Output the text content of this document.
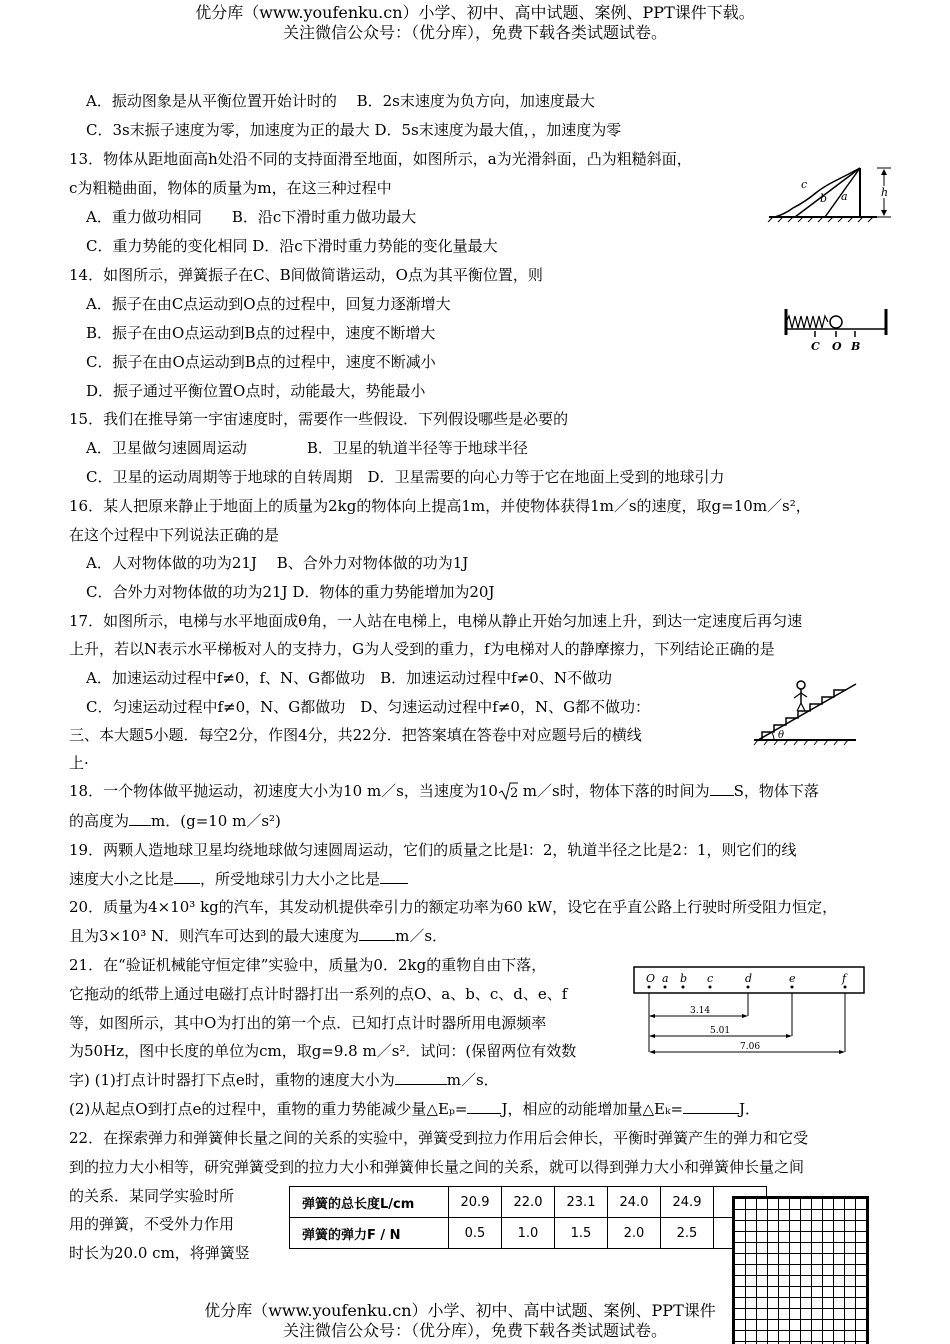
优分库（www.youfenku.cn）小学、初中、高中试题、案例、PPT课件下载。
关注微信公众号：（优分库），免费下载各类试题试卷。
A．振动图象是从平衡位置开始计时的　 B．2s末速度为负方向，加速度最大
C．3s末振子速度为零，加速度为正的最大 D．5s末速度为最大值，，加速度为零
13．物体从距地面高h处沿不同的支持面滑至地面，如图所示，a为光滑斜面，凸为粗糙斜面，
c为粗糙曲面，物体的质量为m，在这三种过程中
A．重力做功相同　　B．沿c下滑时重力做功最大
C．重力势能的变化相同 D．沿c下滑时重力势能的变化量最大
c
b a	h
14．如图所示，弹簧振子在C、B间做简谐运动，O点为其平衡位置，则
A．振子在由C点运动到O点的过程中，回复力逐渐增大
B．振子在由O点运动到B点的过程中，速度不断增大
C．振子在由O点运动到B点的过程中，速度不断减小
D．振子通过平衡位置O点时，动能最大，势能最小
C O B
15．我们在推导第一宇宙速度时，需要作一些假设．下列假设哪些是必要的
A．卫星做匀速圆周运动　　　　B．卫星的轨道半径等于地球半径
C．卫星的运动周期等于地球的自转周期　D．卫星需要的向心力等于它在地面上受到的地球引力
16．某人把原来静止于地面上的质量为2kg的物体向上提高1m，并使物体获得1m／s的速度，取g=10m／s²，
在这个过程中下列说法正确的是
A．人对物体做的功为21J　 B、合外力对物体做的功为1J
C．合外力对物体做的功为21J D．物体的重力势能增加为20J
17．如图所示，电梯与水平地面成θ角，一人站在电梯上，电梯从静止开始匀加速上升，到达一定速度后再匀速
上升，若以N表示水平梯板对人的支持力，G为人受到的重力，f为电梯对人的静摩擦力，下列结论正确的是
A．加速运动过程中f≠0，f、N、G都做功　B．加速运动过程中f≠0、N不做功
C．匀速运动过程中f≠0，N、G都做功　D、匀速运动过程中f≠0，N、G都不做功：
θ
三、本大题5小题．每空2分，作图4分，共22分．把答案填在答卷中对应题号后的横线
上·
18．一个物体做平抛运动，初速度大小为10 m／s，当速度为10 2 m／s时，物体下落的时间为 S，物体下落
的高度为 m．(g=10 m／s²)
19．两颗人造地球卫星均绕地球做匀速圆周运动，它们的质量之比是l：2，轨道半径之比是2：1，则它们的线
速度大小之比是 ，所受地球引力大小之比是
20．质量为4×10³ kg的汽车，其发动机提供牵引力的额定功率为60 kW，设它在乎直公路上行驶时所受阻力恒定，
且为3×10³ N．则汽车可达到的最大速度为 m／s．
21．在“验证机械能守恒定律”实验中，质量为0．2kg的重物自由下落，
它拖动的纸带上通过电磁打点计时器打出一系列的点O、a、b、c、d、e、f
等，如图所示，其中O为打出的第一个点．已知打点计时器所用电源频率
为50Hz，图中长度的单位为cm，取g=9.8 m／s²．试问：(保留两位有效数
字) (1)打点计时器打下点e时，重物的速度大小为	m／s．
(2)从起点O到打点e的过程中，重物的重力势能减少量△Eₚ= J，相应的动能增加量△Eₖ=	J．
O a b c	d	e	f
3.14
5.01
7.06
22．在探索弹力和弹簧伸长量之间的关系的实验中，弹簧受到拉力作用后会伸长，平衡时弹簧产生的弹力和它受
到的拉力大小相等，研究弹簧受到的拉力大小和弹簧伸长量之间的关系，就可以得到弹力大小和弹簧伸长量之间
的关系．某同学实验时所
用的弹簧，不受外力作用
时长为20.0 cm，将弹簧竖
弹簧的总长度L/cm	20.9	22.0	23.1	24.0	24.9	
弹簧的弹力F / N	0.5	1.0	1.5	2.0	2.5	
优分库（www.youfenku.cn）小学、初中、高中试题、案例、PPT课件
关注微信公众号：（优分库），免费下载各类试题试卷。
